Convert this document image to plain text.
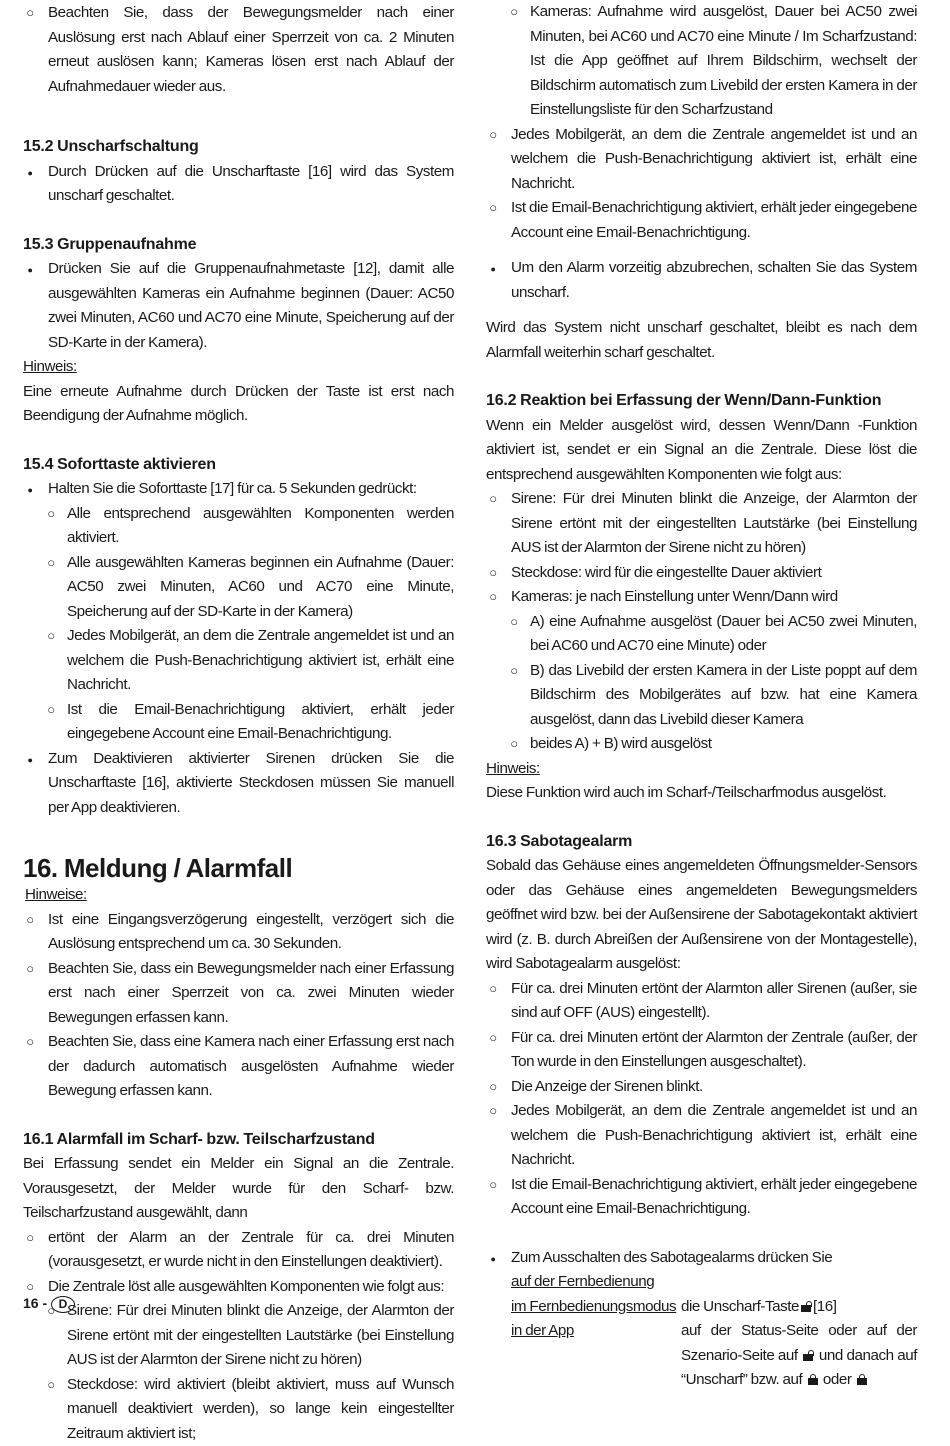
○
Beachten Sie, dass der Bewegungsmelder nach einer Auslösung erst nach Ablauf einer Sperrzeit von ca. 2 Minuten erneut auslösen kann; Kameras lösen erst nach Ablauf der Aufnahmedauer wieder aus.

15.2 Unscharfschaltung

●
Durch Drücken auf die Unscharftaste [16] wird das System unscharf geschaltet.

15.3 Gruppenaufnahme

●
Drücken Sie auf die Gruppenaufnahmetaste [12], damit alle ausgewählten Kameras ein Aufnahme beginnen (Dauer: AC50 zwei Minuten, AC60 und AC70 eine Minute, Speicherung auf der SD-Karte in der Kamera).

Hinweis:

Eine erneute Aufnahme durch Drücken der Taste ist erst nach Beendigung der Aufnahme möglich.

15.4 Soforttaste aktivieren

●
Halten Sie die Soforttaste [17] für ca. 5 Sekunden gedrückt:
○
Alle entsprechend ausgewählten Komponenten werden aktiviert.
○
Alle ausgewählten Kameras beginnen ein Aufnahme (Dauer: AC50 zwei Minuten, AC60 und AC70 eine Minute, Speicherung auf der SD-Karte in der Kamera)
○
Jedes Mobilgerät, an dem die Zentrale angemeldet ist und an welchem die Push-Benachrichtigung aktiviert ist, erhält eine Nachricht.
○
Ist die Email-Benachrichtigung aktiviert, erhält jeder eingegebene Account eine Email-Benachrichtigung.
●
Zum Deaktivieren aktivierter Sirenen drücken Sie die Unscharftaste [16], aktivierte Steckdosen müssen Sie manuell per App deaktivieren.

16. Meldung / Alarmfall

Hinweise:

○
Ist eine Eingangsverzögerung eingestellt, verzögert sich die Auslösung entsprechend um ca. 30 Sekunden.
○
Beachten Sie, dass ein Bewegungsmelder nach einer Erfassung erst nach einer Sperrzeit von ca. zwei Minuten wieder Bewegungen erfassen kann.
○
Beachten Sie, dass eine Kamera nach einer Erfassung erst nach der dadurch automatisch ausgelösten Aufnahme wieder Bewegung erfassen kann.

16.1 Alarmfall im Scharf- bzw. Teilscharfzustand

Bei Erfassung sendet ein Melder ein Signal an die Zentrale. Vorausgesetzt, der Melder wurde für den Scharf- bzw. Teilscharfzustand ausgewählt, dann

○
ertönt der Alarm an der Zentrale für ca. drei Minuten (vorausgesetzt, er wurde nicht in den Einstellungen deaktiviert).
○
Die Zentrale löst alle ausgewählten Komponenten wie folgt aus:
○
Sirene: Für drei Minuten blinkt die Anzeige, der Alarmton der Sirene ertönt mit der eingestellten Lautstärke (bei Einstellung AUS ist der Alarmton der Sirene nicht zu hören)
○
Steckdose: wird aktiviert (bleibt aktiviert, muss auf Wunsch manuell deaktiviert werden), so lange kein eingestellter Zeitraum aktiviert ist;
○
Kameras: Aufnahme wird ausgelöst, Dauer bei AC50 zwei Minuten, bei AC60 und AC70 eine Minute / Im Scharfzustand: Ist die App geöffnet auf Ihrem Bildschirm, wechselt der Bildschirm automatisch zum Livebild der ersten Kamera in der Einstellungsliste für den Scharfzustand
○
Jedes Mobilgerät, an dem die Zentrale angemeldet ist und an welchem die Push-Benachrichtigung aktiviert ist, erhält eine Nachricht.
○
Ist die Email-Benachrichtigung aktiviert, erhält jeder eingegebene Account eine Email-Benachrichtigung.
●
Um den Alarm vorzeitig abzubrechen, schalten Sie das System unscharf.

Wird das System nicht unscharf geschaltet, bleibt es nach dem Alarmfall weiterhin scharf geschaltet.

16.2 Reaktion bei Erfassung der Wenn/Dann-Funktion

Wenn ein Melder ausgelöst wird, dessen Wenn/Dann -Funktion aktiviert ist, sendet er ein Signal an die Zentrale. Diese löst die entsprechend ausgewählten Komponenten wie folgt aus:

○
Sirene: Für drei Minuten blinkt die Anzeige, der Alarmton der Sirene ertönt mit der eingestellten Lautstärke (bei Einstellung AUS ist der Alarmton der Sirene nicht zu hören)
○
Steckdose: wird für die eingestellte Dauer aktiviert
○
Kameras: je nach Einstellung unter Wenn/Dann wird
○
A) eine Aufnahme ausgelöst (Dauer bei AC50 zwei Minuten, bei AC60 und AC70 eine Minute) oder
○
B) das Livebild der ersten Kamera in der Liste poppt auf dem Bildschirm des Mobilgerätes auf bzw. hat eine Kamera ausgelöst, dann das Livebild dieser Kamera
○
beides A) + B) wird ausgelöst

Hinweis:

Diese Funktion wird auch im Scharf-/Teilscharfmodus ausgelöst.

16.3 Sabotagealarm

Sobald das Gehäuse eines angemeldeten Öffnungsmelder-Sensors oder das Gehäuse eines angemeldeten Bewegungsmelders geöffnet wird bzw. bei der Außensirene der Sabotagekontakt aktiviert wird (z. B. durch Abreißen der Außensirene von der Montagestelle), wird Sabotagealarm ausgelöst:

○
Für ca. drei Minuten ertönt der Alarmton aller Sirenen (außer, sie sind auf OFF (AUS) eingestellt).
○
Für ca. drei Minuten ertönt der Alarmton der Zentrale (außer, der Ton wurde in den Einstellungen ausgeschaltet).
○
Die Anzeige der Sirenen blinkt.
○
Jedes Mobilgerät, an dem die Zentrale angemeldet ist und an welchem die Push-Benachrichtigung aktiviert ist, erhält eine Nachricht.
○
Ist die Email-Benachrichtigung aktiviert, erhält jeder eingegebene Account eine Email-Benachrichtigung.
●
Zum Ausschalten des Sabotagealarms drücken Sie
auf der Fernbedienung
im Fernbedienungsmodus die Unscharf-Taste [16]
in der App	auf der Status-Seite oder auf der Szenario-Seite auf und danach auf “Unscharf” bzw. auf oder
16 - D
